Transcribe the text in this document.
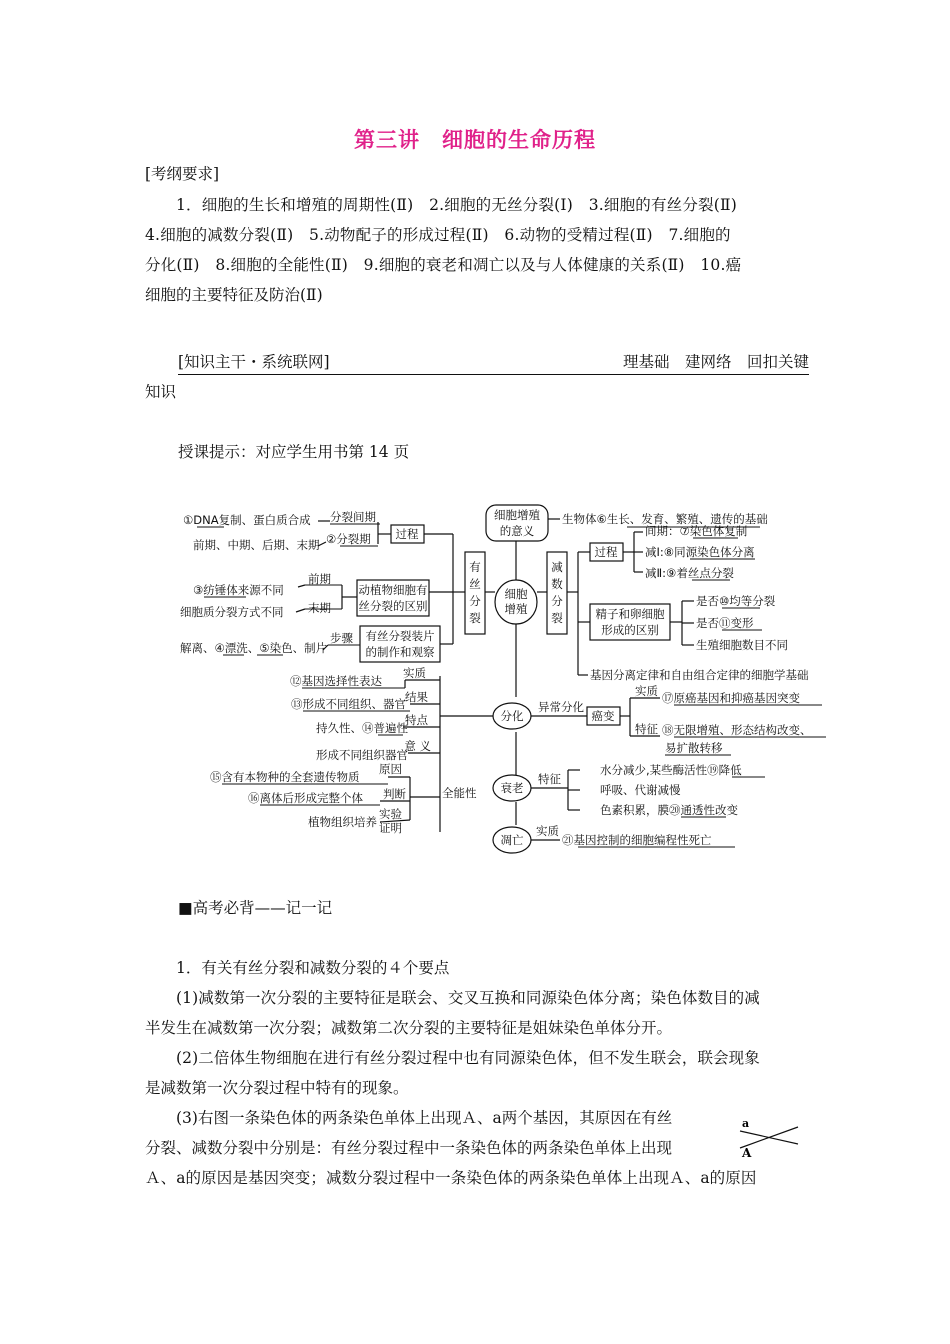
第三讲　细胞的生命历程
[考纲要求]
1．细胞的生长和增殖的周期性(Ⅱ)　2.细胞的无丝分裂(Ⅰ)　3.细胞的有丝分裂(Ⅱ)
4.细胞的减数分裂(Ⅱ)　5.动物配子的形成过程(Ⅱ)　6.动物的受精过程(Ⅱ)　7.细胞的
分化(Ⅱ)　8.细胞的全能性(Ⅱ)　9.细胞的衰老和凋亡以及与人体健康的关系(Ⅱ)　10.癌
细胞的主要特征及防治(Ⅱ)
[知识主干・系统联网]	理基础　建网络　回扣关键
知识
授课提示：对应学生用书第 14 页
细胞增殖
的意义
生物体⑥生长、发育、繁殖、遗传的基础
细胞
增殖
有
丝
分
裂
减
数
分
裂
过程
分裂间期
②分裂期
①DNA复制、蛋白质合成
前期、中期、后期、末期
动植物细胞有
丝分裂的区别
前期
末期
③纺锤体来源不同
细胞质分裂方式不同
有丝分裂装片
的制作和观察
步骤
解离、④漂洗、⑤染色、制片
过程
间期：⑦染色体复制
减Ⅰ:⑧同源染色体分离
减Ⅱ:⑨着丝点分裂
精子和卵细胞
形成的区别
是否⑩均等分裂
是否⑪变形
生殖细胞数目不同
基因分离定律和自由组合定律的细胞学基础
分化
实质
⑫基因选择性表达
结果
⑬形成不同组织、器官
特点
持久性、⑭普遍性
意 义
形成不同组织器官
原因
⑮含有本物种的全套遗传物质
全能性
判断
⑯离体后形成完整个体
实验
证明
植物组织培养
异常分化
癌变
实质
特征
⑰原癌基因和抑癌基因突变
⑱无限增殖、形态结构改变、
易扩散转移
衰老
特征
水分减少,某些酶活性⑲降低
呼吸、代谢减慢
色素积累，膜⑳通透性改变
凋亡
实质
㉑基因控制的细胞编程性死亡
■高考必背——记一记
1．有关有丝分裂和减数分裂的４个要点
(1)减数第一次分裂的主要特征是联会、交叉互换和同源染色体分离；染色体数目的减
半发生在减数第一次分裂；减数第二次分裂的主要特征是姐妹染色单体分开。
(2)二倍体生物细胞在进行有丝分裂过程中也有同源染色体，但不发生联会，联会现象
是减数第一次分裂过程中特有的现象。
(3)右图一条染色体的两条染色单体上出现Ａ、a两个基因，其原因在有丝
分裂、减数分裂中分别是：有丝分裂过程中一条染色体的两条染色单体上出现
Ａ、a的原因是基因突变；减数分裂过程中一条染色体的两条染色单体上出现Ａ、a的原因
a
A
